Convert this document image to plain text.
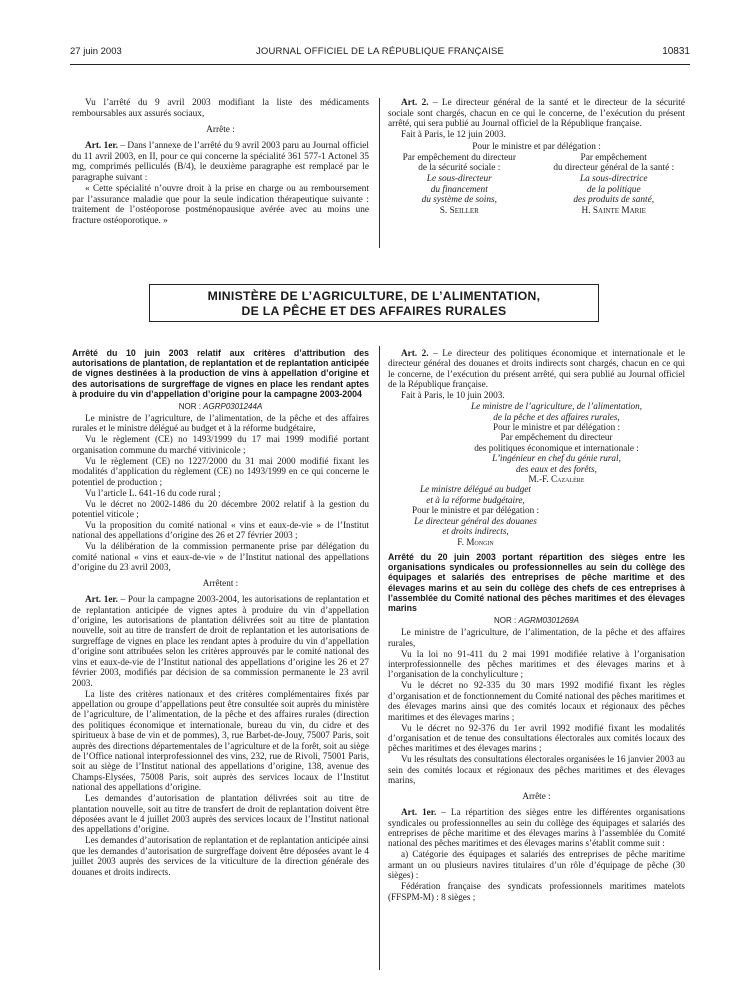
27 juin 2003	JOURNAL OFFICIEL DE LA RÉPUBLIQUE FRANÇAISE	10831

Vu l’arrêté du 9 avril 2003 modifiant la liste des médicaments remboursables aux assurés sociaux,

Arrête :

Art. 1er. – Dans l’annexe de l’arrêté du 9 avril 2003 paru au Journal officiel du 11 avril 2003, en II, pour ce qui concerne la spécialité 361 577-1 Actonel 35 mg, comprimés pelliculés (B/4), le deuxième paragraphe est remplacé par le paragraphe suivant :

« Cette spécialité n’ouvre droit à la prise en charge ou au remboursement par l’assurance maladie que pour la seule indication thérapeutique suivante : traitement de l’ostéoporose postménopausique avérée avec au moins une fracture ostéoporotique. »

Art. 2. – Le directeur général de la santé et le directeur de la sécurité sociale sont chargés, chacun en ce qui le concerne, de l’exécution du présent arrêté, qui sera publié au Journal officiel de la République française.

Fait à Paris, le 12 juin 2003.

Pour le ministre et par délégation :

Par empêchement du directeur
de la sécurité sociale :
Le sous-directeur
du financement
du système de soins,
S. Seiller
Par empêchement
du directeur général de la santé :
La sous-directrice
de la politique
des produits de santé,
H. Sainte Marie
MINISTÈRE DE L’AGRICULTURE, DE L’ALIMENTATION,
DE LA PÊCHE ET DES AFFAIRES RURALES

Arrêté du 10 juin 2003 relatif aux critères d’attribution des autorisations de plantation, de replantation et de replantation anticipée de vignes destinées à la production de vins à appellation d’origine et des autorisations de surgreffage de vignes en place les rendant aptes à produire du vin d’appellation d’origine pour la campagne 2003-2004

NOR : AGRP0301244A

Le ministre de l’agriculture, de l’alimentation, de la pêche et des affaires rurales et le ministre délégué au budget et à la réforme budgétaire,

Vu le règlement (CE) no 1493/1999 du 17 mai 1999 modifié portant organisation commune du marché vitivinicole ;

Vu le règlement (CE) no 1227/2000 du 31 mai 2000 modifié fixant les modalités d’application du règlement (CE) no 1493/1999 en ce qui concerne le potentiel de production ;

Vu l’article L. 641-16 du code rural ;

Vu le décret no 2002-1486 du 20 décembre 2002 relatif à la gestion du potentiel viticole ;

Vu la proposition du comité national « vins et eaux-de-vie » de l’Institut national des appellations d’origine des 26 et 27 février 2003 ;

Vu la délibération de la commission permanente prise par délégation du comité national « vins et eaux-de-vie » de l’Institut national des appellations d’origine du 23 avril 2003,

Arrêtent :

Art. 1er. – Pour la campagne 2003-2004, les autorisations de replantation et de replantation anticipée de vignes aptes à produire du vin d’appellation d’origine, les autorisations de plantation délivrées soit au titre de plantation nouvelle, soit au titre de transfert de droit de replantation et les autorisations de surgreffage de vignes en place les rendant aptes à produire du vin d’appellation d’origine sont attribuées selon les critères approuvés par le comité national des vins et eaux-de-vie de l’Institut national des appellations d’origine les 26 et 27 février 2003, modifiés par décision de sa commission permanente le 23 avril 2003.

La liste des critères nationaux et des critères complémentaires fixés par appellation ou groupe d’appellations peut être consultée soit auprès du ministère de l’agriculture, de l’alimentation, de la pêche et des affaires rurales (direction des politiques économique et internationale, bureau du vin, du cidre et des spiritueux à base de vin et de pommes), 3, rue Barbet-de-Jouy, 75007 Paris, soit auprès des directions départementales de l’agriculture et de la forêt, soit au siège de l’Office national interprofessionnel des vins, 232, rue de Rivoli, 75001 Paris, soit au siège de l’Institut national des appellations d’origine, 138, avenue des Champs-Elysées, 75008 Paris, soit auprès des services locaux de l’Institut national des appellations d’origine.

Les demandes d’autorisation de plantation délivrées soit au titre de plantation nouvelle, soit au titre de transfert de droit de replantation doivent être déposées avant le 4 juillet 2003 auprès des services locaux de l’Institut national des appellations d’origine.

Les demandes d’autorisation de replantation et de replantation anticipée ainsi que les demandes d’autorisation de surgreffage doivent être déposées avant le 4 juillet 2003 auprès des services de la viticulture de la direction générale des douanes et droits indirects.

Art. 2. – Le directeur des politiques économique et internationale et le directeur général des douanes et droits indirects sont chargés, chacun en ce qui le concerne, de l’exécution du présent arrêté, qui sera publié au Journal officiel de la République française.

Fait à Paris, le 10 juin 2003.

Le ministre de l’agriculture, de l’alimentation,
de la pêche et des affaires rurales,
Pour le ministre et par délégation :
Par empêchement du directeur
des politiques économique et internationale :
L’ingénieur en chef du génie rural,
des eaux et des forêts,
M.-F. Cazalère
Le ministre délégué au budget
et à la réforme budgétaire,
Pour le ministre et par délégation :
Le directeur général des douanes
et droits indirects,
F. Mongin

Arrêté du 20 juin 2003 portant répartition des sièges entre les organisations syndicales ou professionnelles au sein du collège des équipages et salariés des entreprises de pêche maritime et des élevages marins et au sein du collège des chefs de ces entreprises à l’assemblée du Comité national des pêches maritimes et des élevages marins

NOR : AGRM0301269A

Le ministre de l’agriculture, de l’alimentation, de la pêche et des affaires rurales,

Vu la loi no 91-411 du 2 mai 1991 modifiée relative à l’organisation interprofessionnelle des pêches maritimes et des élevages marins et à l’organisation de la conchyliculture ;

Vu le décret no 92-335 du 30 mars 1992 modifié fixant les règles d’organisation et de fonctionnement du Comité national des pêches maritimes et des élevages marins ainsi que des comités locaux et régionaux des pêches maritimes et des élevages marins ;

Vu le décret no 92-376 du 1er avril 1992 modifié fixant les modalités d’organisation et de tenue des consultations électorales aux comités locaux des pêches maritimes et des élevages marins ;

Vu les résultats des consultations électorales organisées le 16 janvier 2003 au sein des comités locaux et régionaux des pêches maritimes et des élevages marins,

Arrête :

Art. 1er. – La répartition des sièges entre les différentes organisations syndicales ou professionnelles au sein du collège des équipages et salariés des entreprises de pêche maritime et des élevages marins à l’assemblée du Comité national des pêches maritimes et des élevages marins s’établit comme suit :

a) Catégorie des équipages et salariés des entreprises de pêche maritime armant un ou plusieurs navires titulaires d’un rôle d’équipage de pêche (30 sièges) :

Fédération française des syndicats professionnels maritimes matelots (FFSPM-M) : 8 sièges ;
